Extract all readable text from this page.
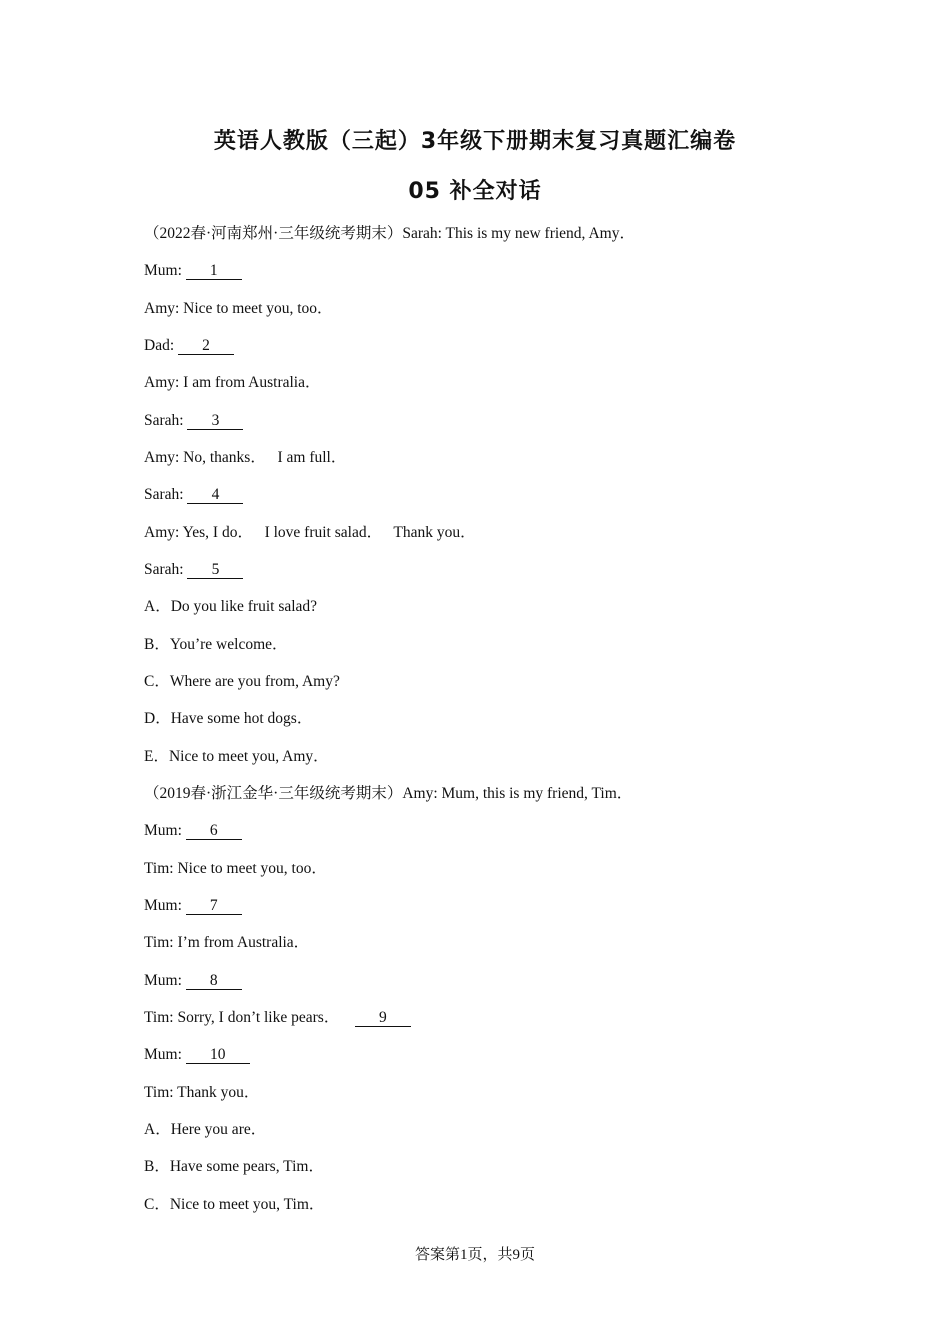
英语人教版（三起）3年级下册期末复习真题汇编卷
05 补全对话
（2022春·河南郑州·三年级统考期末）Sarah: This is my new friend, Amy．
Mum: 1
Amy: Nice to meet you, too．
Dad: 2
Amy: I am from Australia．
Sarah: 3
Amy: No, thanks．   I am full．
Sarah: 4
Amy: Yes, I do．   I love fruit salad．   Thank you．
Sarah: 5
A．Do you like fruit salad?
B．You’re welcome．
C．Where are you from, Amy?
D．Have some hot dogs．
E．Nice to meet you, Amy．
（2019春·浙江金华·三年级统考期末）Amy: Mum, this is my friend, Tim．
Mum: 6
Tim: Nice to meet you, too．
Mum: 7
Tim: I’m from Australia．
Mum: 8
Tim: Sorry, I don’t like pears．    9
Mum: 10
Tim: Thank you．
A．Here you are．
B．Have some pears, Tim．
C．Nice to meet you, Tim．
答案第1页，共9页
